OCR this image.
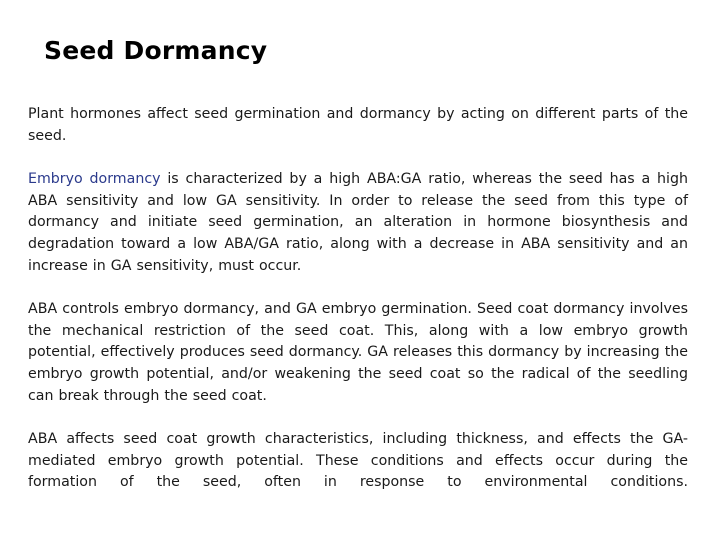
Seed Dormancy

Plant hormones affect seed germination and dormancy by acting on different parts of the seed.

Embryo dormancy is characterized by a high ABA:GA ratio, whereas the seed has a high ABA sensitivity and low GA sensitivity. In order to release the seed from this type of dormancy and initiate seed germination, an alteration in hormone biosynthesis and degradation toward a low ABA/GA ratio, along with a decrease in ABA sensitivity and an increase in GA sensitivity, must occur.

ABA controls embryo dormancy, and GA embryo germination. Seed coat dormancy involves the mechanical restriction of the seed coat. This, along with a low embryo growth potential, effectively produces seed dormancy. GA releases this dormancy by increasing the embryo growth potential, and/or weakening the seed coat so the radical of the seedling can break through the seed coat.

ABA affects seed coat growth characteristics, including thickness, and effects the GA-mediated embryo growth potential. These conditions and effects occur during the formation of the seed, often in response to environmental conditions.
